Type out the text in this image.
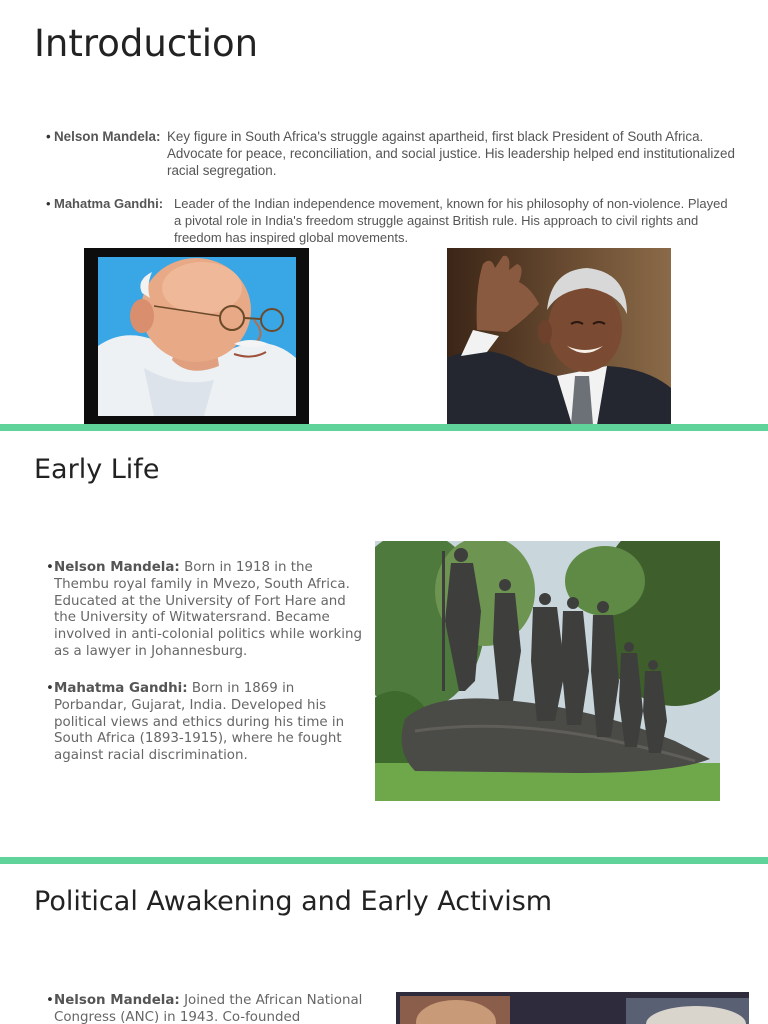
Introduction
• Nelson Mandela: Key figure in South Africa's struggle against apartheid, first black President of South Africa. Advocate for peace, reconciliation, and social justice. His leadership helped end institutionalized racial segregation.
• Mahatma Gandhi: Leader of the Indian independence movement, known for his philosophy of non-violence. Played a pivotal role in India's freedom struggle against British rule. His approach to civil rights and freedom has inspired global movements.
Early Life
• Nelson Mandela: Born in 1918 in the Thembu royal family in Mvezo, South Africa. Educated at the University of Fort Hare and the University of Witwatersrand. Became involved in anti-colonial politics while working as a lawyer in Johannesburg.
• Mahatma Gandhi: Born in 1869 in Porbandar, Gujarat, India. Developed his political views and ethics during his time in South Africa (1893-1915), where he fought against racial discrimination.
Political Awakening and Early Activism
• Nelson Mandela: Joined the African National Congress (ANC) in 1943. Co-founded
